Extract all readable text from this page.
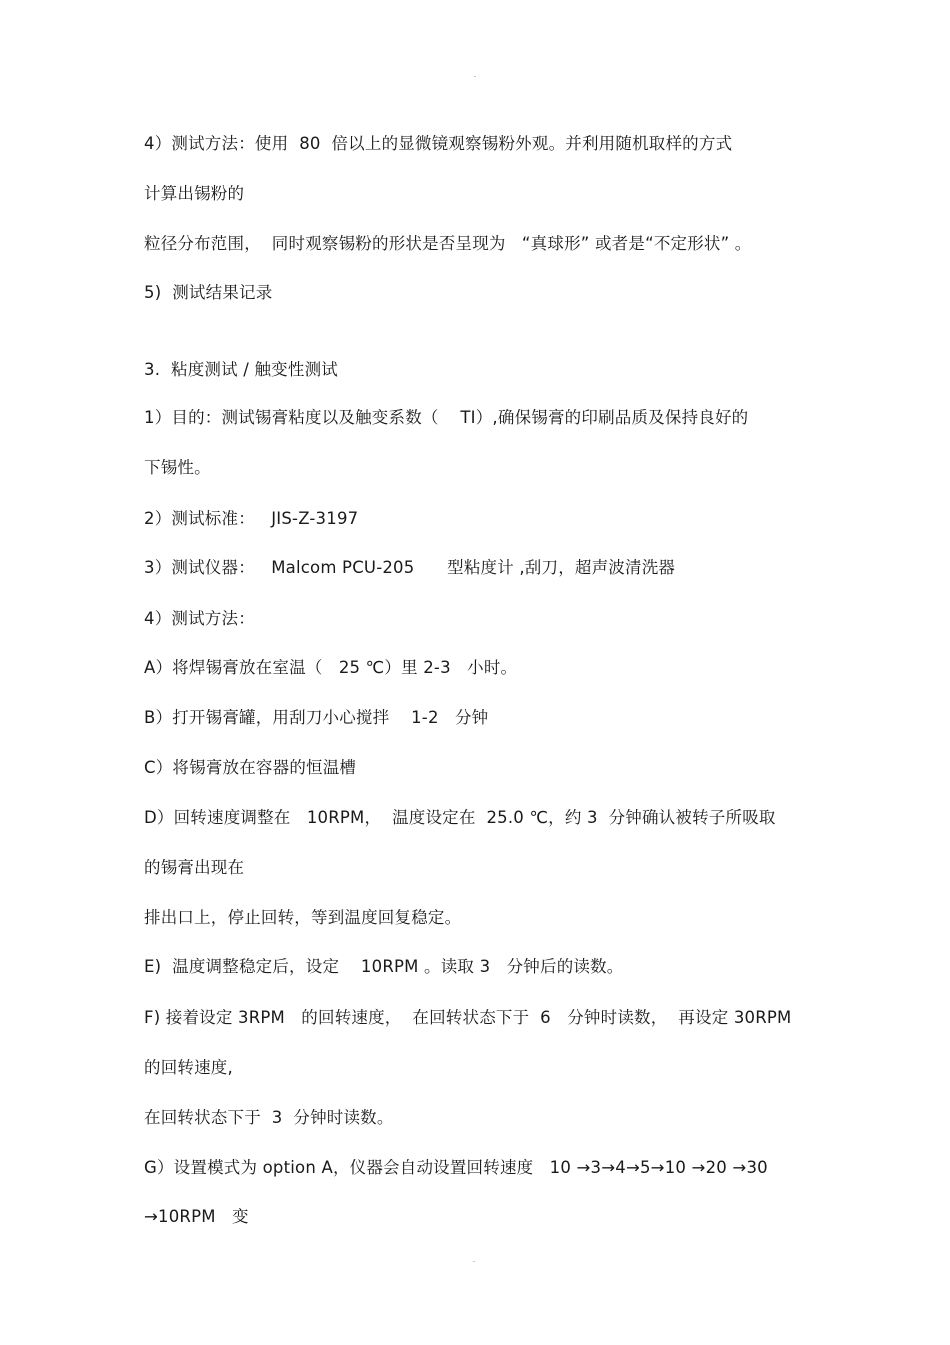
4）测试方法：使用  80  倍以上的显微镜观察锡粉外观。并利用随机取样的方式
计算出锡粉的
粒径分布范围，  同时观察锡粉的形状是否呈现为   “真球形” 或者是“不定形状” 。
5)  测试结果记录
3.  粘度测试 / 触变性测试
1）目的：测试锡膏粘度以及触变系数（    TI）,确保锡膏的印刷品质及保持良好的
下锡性。
2）测试标准：   JIS-Z-3197
3）测试仪器：   Malcom PCU-205      型粘度计 ,刮刀，超声波清洗器
4）测试方法：
A）将焊锡膏放在室温（   25 ℃）里 2-3   小时。
B）打开锡膏罐，用刮刀小心搅拌    1-2   分钟
C）将锡膏放在容器的恒温槽
D）回转速度调整在   10RPM，  温度设定在  25.0 ℃，约 3  分钟确认被转子所吸取
的锡膏出现在
排出口上，停止回转，等到温度回复稳定。
E)  温度调整稳定后，设定    10RPM 。读取 3   分钟后的读数。
F) 接着设定 3RPM   的回转速度，  在回转状态下于  6   分钟时读数，  再设定 30RPM
的回转速度,
在回转状态下于  3  分钟时读数。
G）设置模式为 option A，仪器会自动设置回转速度   10 →3→4→5→10 →20 →30
→10RPM   变
